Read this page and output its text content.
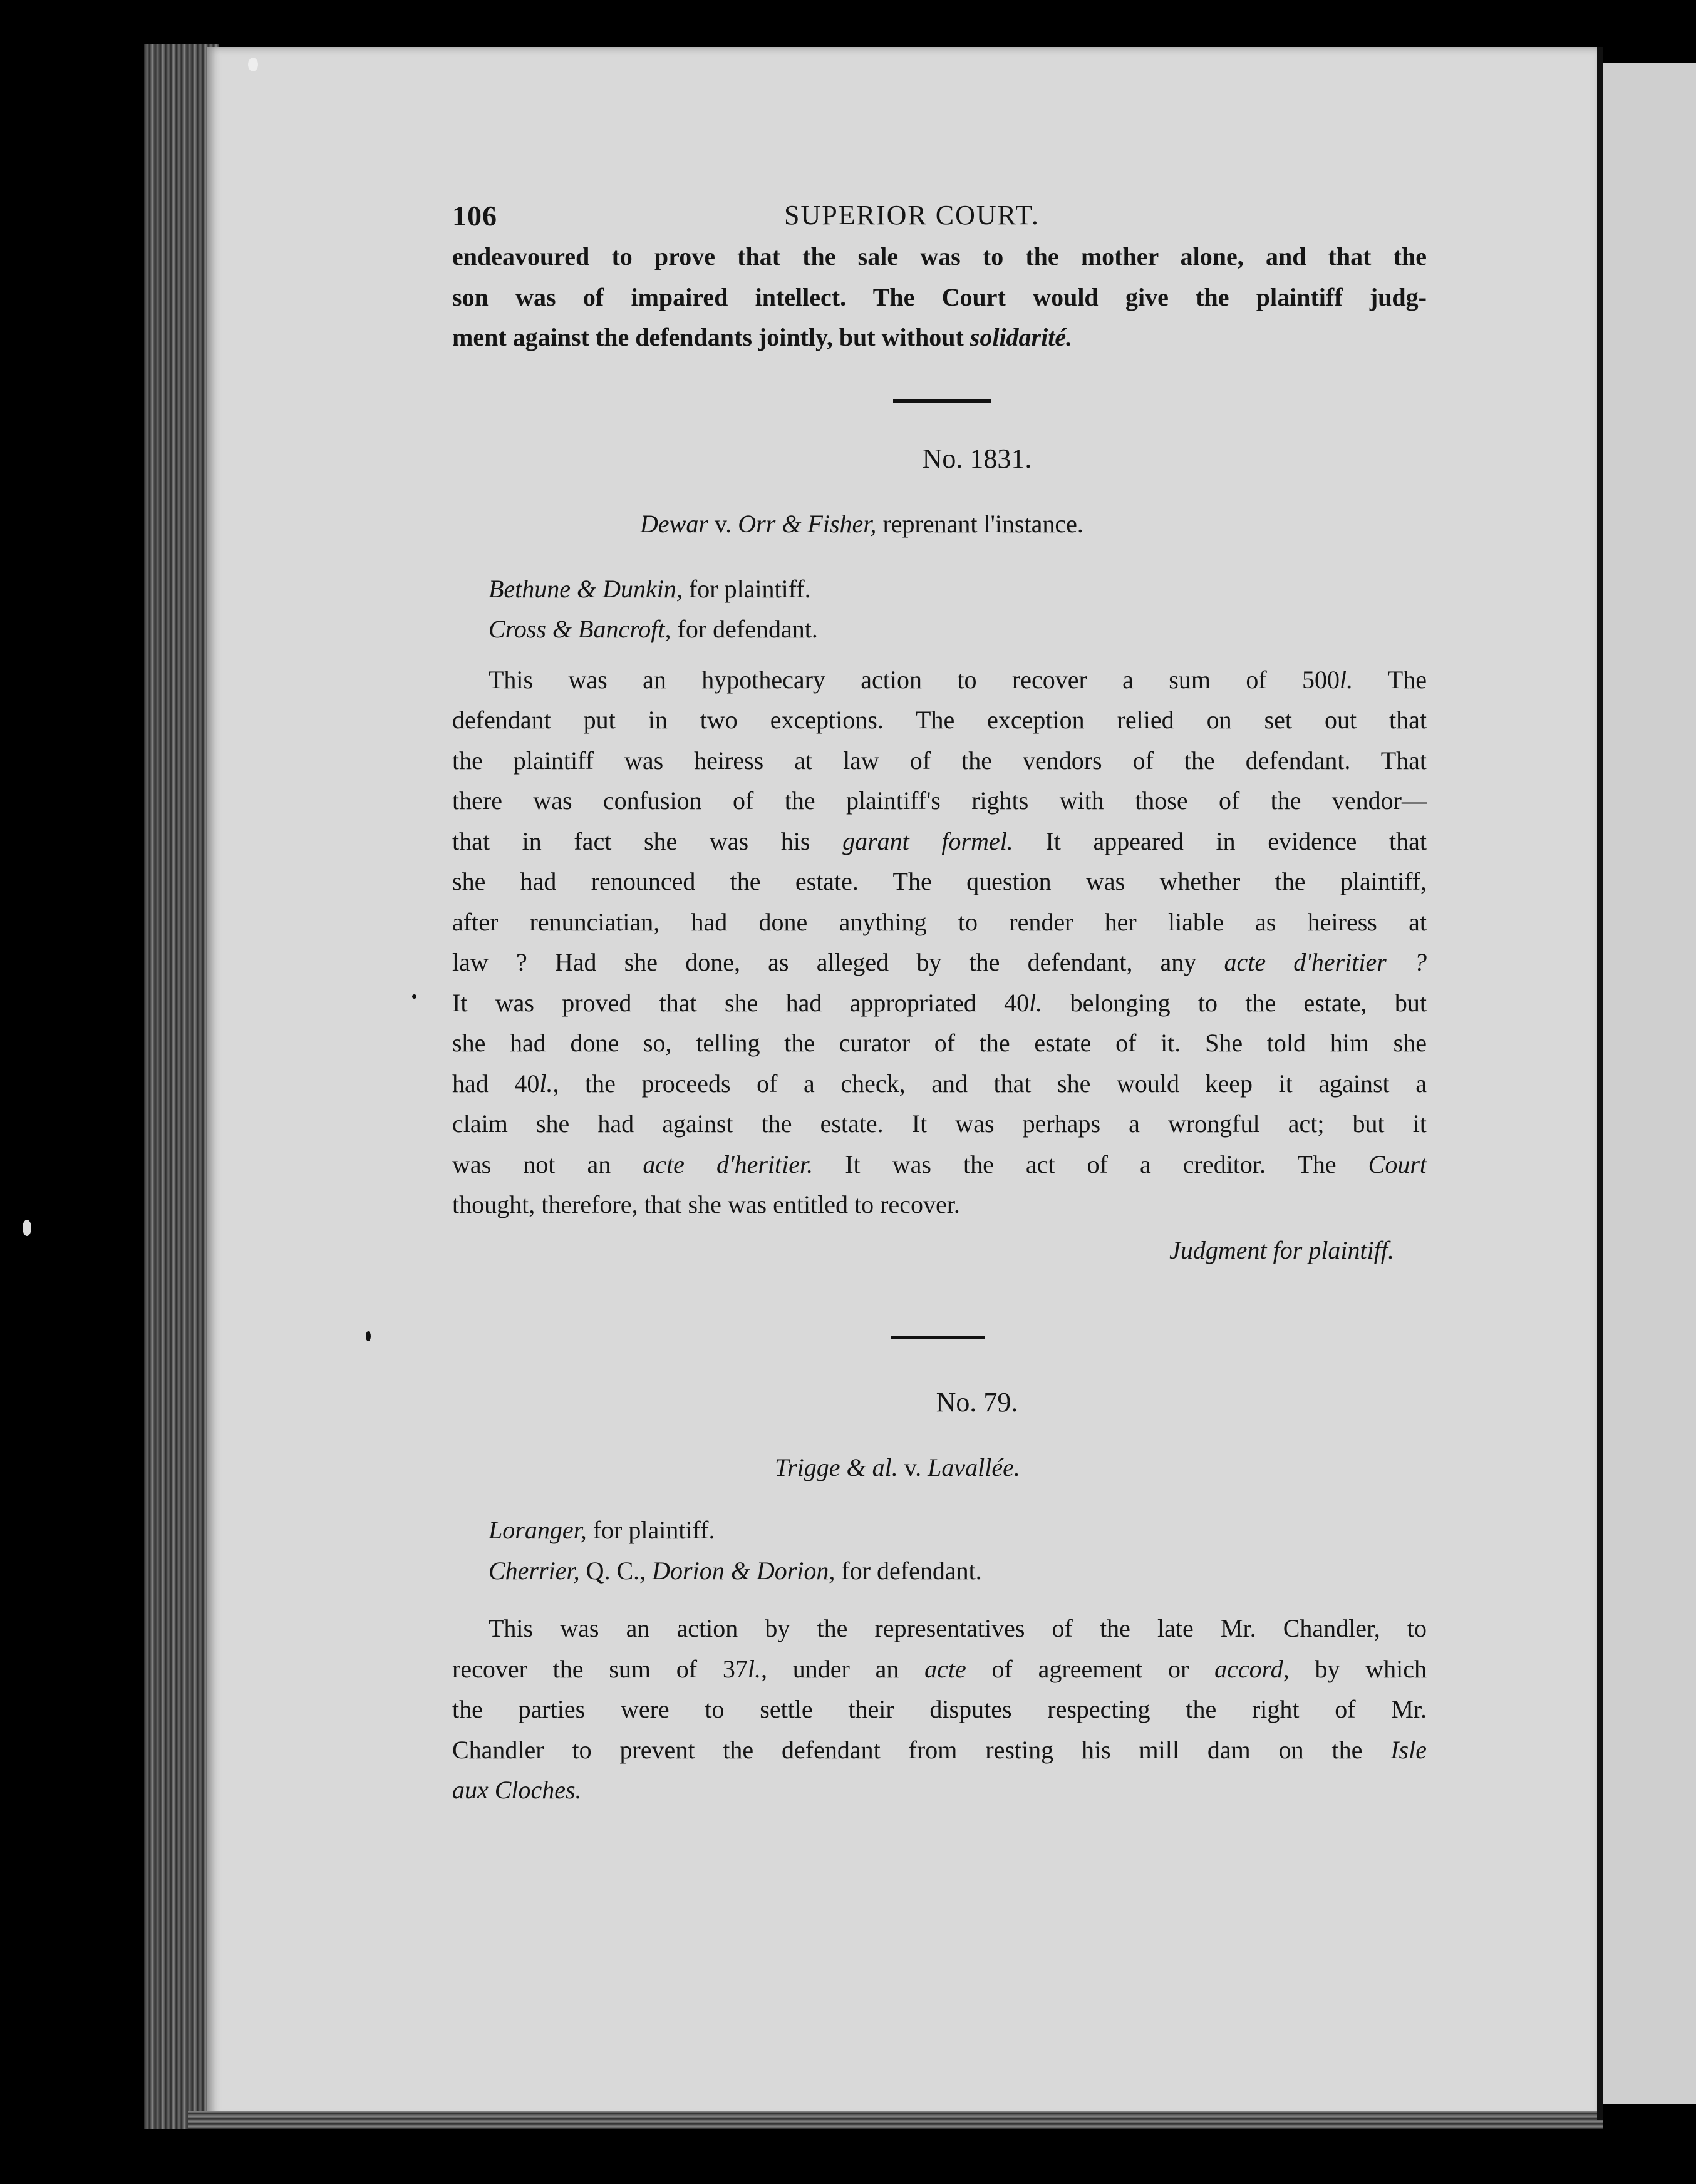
106	SUPERIOR COURT.

endeavoured to prove that the sale was to the mother alone, and that the

son was of impaired intellect. The Court would give the plaintiff judg-

ment against the defendants jointly, but without solidarité.

No. 1831.
Dewar v. Orr & Fisher, reprenant l'instance.
Bethune & Dunkin, for plaintiff.
Cross & Bancroft, for defendant.

This was an hypothecary action to recover a sum of 500l. The

defendant put in two exceptions. The exception relied on set out that

the plaintiff was heiress at law of the vendors of the defendant. That

there was confusion of the plaintiff's rights with those of the vendor—

that in fact she was his garant formel. It appeared in evidence that

she had renounced the estate. The question was whether the plaintiff,

after renunciatian, had done anything to render her liable as heiress at

law ? Had she done, as alleged by the defendant, any acte d'heritier ?

It was proved that she had appropriated 40l. belonging to the estate, but

she had done so, telling the curator of the estate of it. She told him she

had 40l., the proceeds of a check, and that she would keep it against a

claim she had against the estate. It was perhaps a wrongful act; but it

was not an acte d'heritier. It was the act of a creditor. The Court

thought, therefore, that she was entitled to recover.

Judgment for plaintiff.
No. 79.
Trigge & al. v. Lavallée.
Loranger, for plaintiff.
Cherrier, Q. C., Dorion & Dorion, for defendant.

This was an action by the representatives of the late Mr. Chandler, to

recover the sum of 37l., under an acte of agreement or accord, by which

the parties were to settle their disputes respecting the right of Mr.

Chandler to prevent the defendant from resting his mill dam on the Isle

aux Cloches.
